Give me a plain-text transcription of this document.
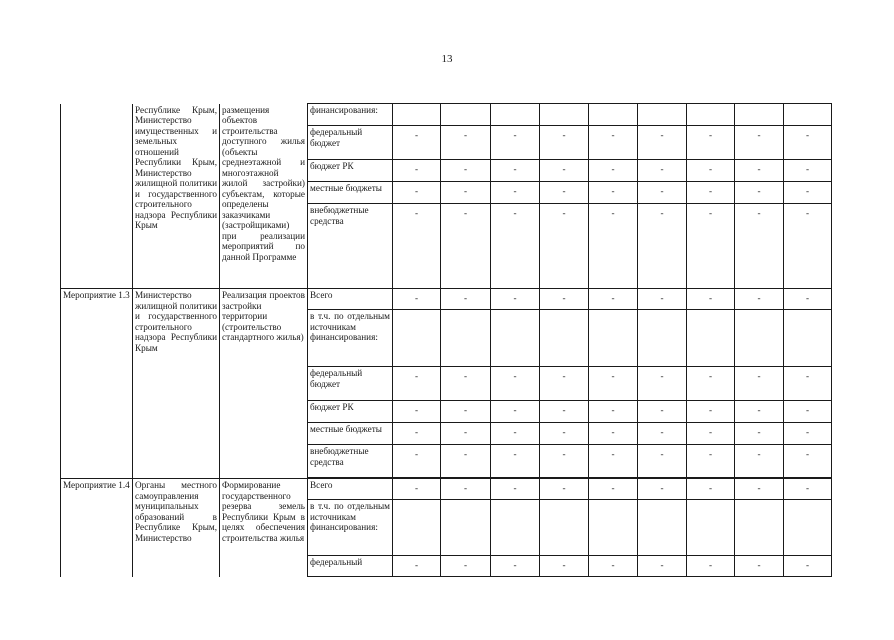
13
	Республике Крым, Министерство имущественных и земельных отношений Республики Крым, Министерство жилищной политики и государственного строительного надзора Республики Крым	размещения объектов строительства доступного жилья (объекты среднеэтажной и многоэтажной жилой застройки) субъектам, которые определены заказчиками (застройщиками) при реализации мероприятий по данной Программе	финансирования:									
			федеральный бюджет	-	-	-	-	-	-	-	-	-
			бюджет РК	-	-	-	-	-	-	-	-	-
			местные бюджеты	-	-	-	-	-	-	-	-	-
			внебюджетные средства	-	-	-	-	-	-	-	-	-
Мероприятие 1.3	Министерство жилищной политики и государственного строительного надзора Республики Крым	Реализация проектов застройки территории (строительство стандартного жилья)	Всего	-	-	-	-	-	-	-	-	-
			в т.ч. по отдельным источникам финансирования:									
			федеральный бюджет	-	-	-	-	-	-	-	-	-
			бюджет РК	-	-	-	-	-	-	-	-	-
			местные бюджеты	-	-	-	-	-	-	-	-	-
			внебюджетные средства	-	-	-	-	-	-	-	-	-

Мероприятие 1.4	Органы местного самоуправления муниципальных образований в Республике Крым, Министерство	Формирование государственного резерва земель Республики Крым в целях обеспечения строительства жилья	Всего	-	-	-	-	-	-	-	-	-
			в т.ч. по отдельным источникам финансирования:									
			федеральный	-	-	-	-	-	-	-	-	-
